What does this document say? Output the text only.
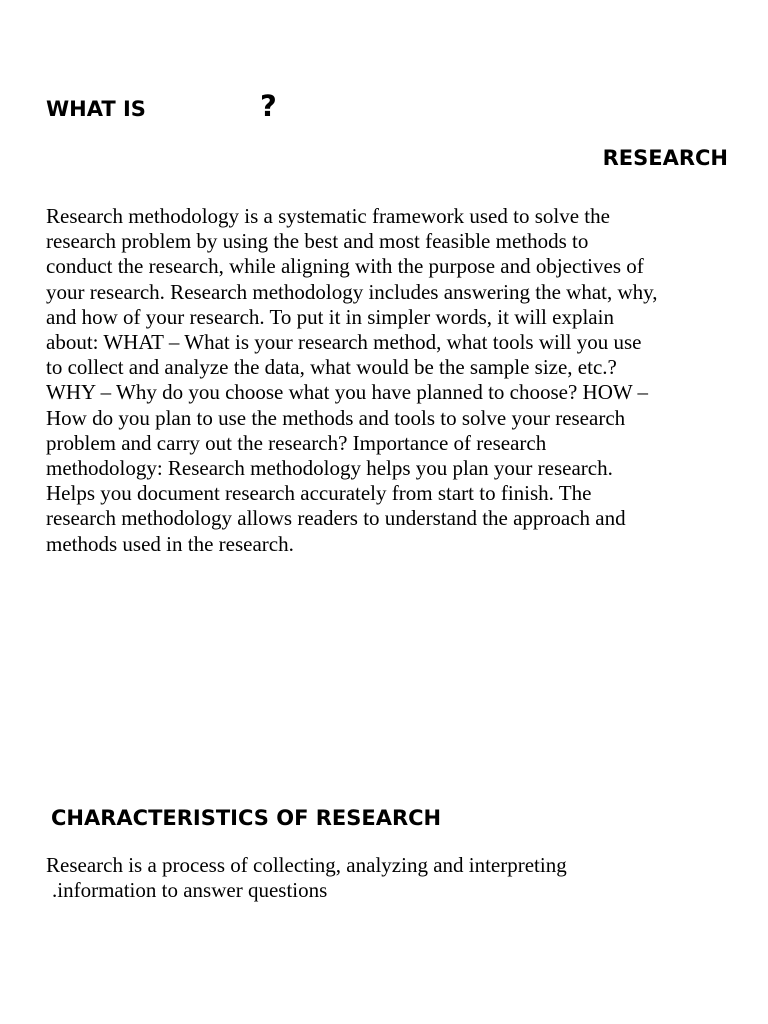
WHAT IS	?
RESEARCH

Research methodology is a systematic framework used to solve the research problem by using the best and most feasible methods to conduct the research, while aligning with the purpose and objectives of your research. Research methodology includes answering the what, why, and how of your research. To put it in simpler words, it will explain about: WHAT – What is your research method, what tools will you use to collect and analyze the data, what would be the sample size, etc.? WHY – Why do you choose what you have planned to choose? HOW – How do you plan to use the methods and tools to solve your research problem and carry out the research? Importance of research methodology: Research methodology helps you plan your research. Helps you document research accurately from start to finish. The research methodology allows readers to understand the approach and methods used in the research.

CHARACTERISTICS OF RESEARCH
Research is a process of collecting, analyzing and interpreting
.information to answer questions
